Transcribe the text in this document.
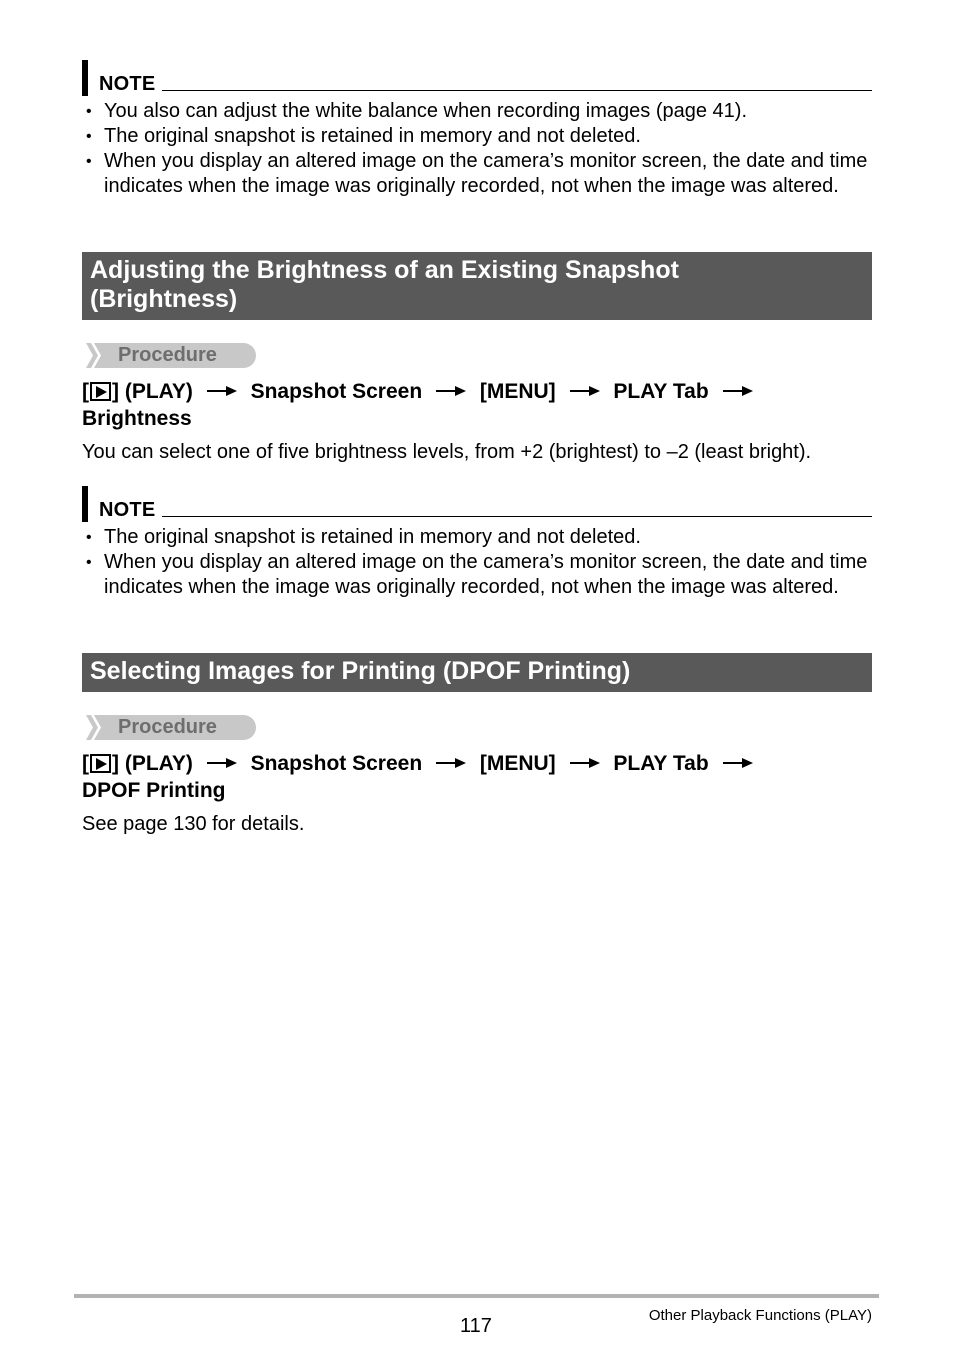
NOTE
• You also can adjust the white balance when recording images (page 41).
• The original snapshot is retained in memory and not deleted.
• When you display an altered image on the camera’s monitor screen, the date and time indicates when the image was originally recorded, not when the image was altered.
Adjusting the Brightness of an Existing Snapshot
(Brightness)
Procedure
[ ] (PLAY)	Snapshot Screen	[MENU]	PLAY Tab
Brightness
You can select one of five brightness levels, from +2 (brightest) to –2 (least bright).
NOTE
• The original snapshot is retained in memory and not deleted.
• When you display an altered image on the camera’s monitor screen, the date and time indicates when the image was originally recorded, not when the image was altered.
Selecting Images for Printing (DPOF Printing)
Procedure
[ ] (PLAY)	Snapshot Screen	[MENU]	PLAY Tab
DPOF Printing
See page 130 for details.
117	Other Playback Functions (PLAY)
